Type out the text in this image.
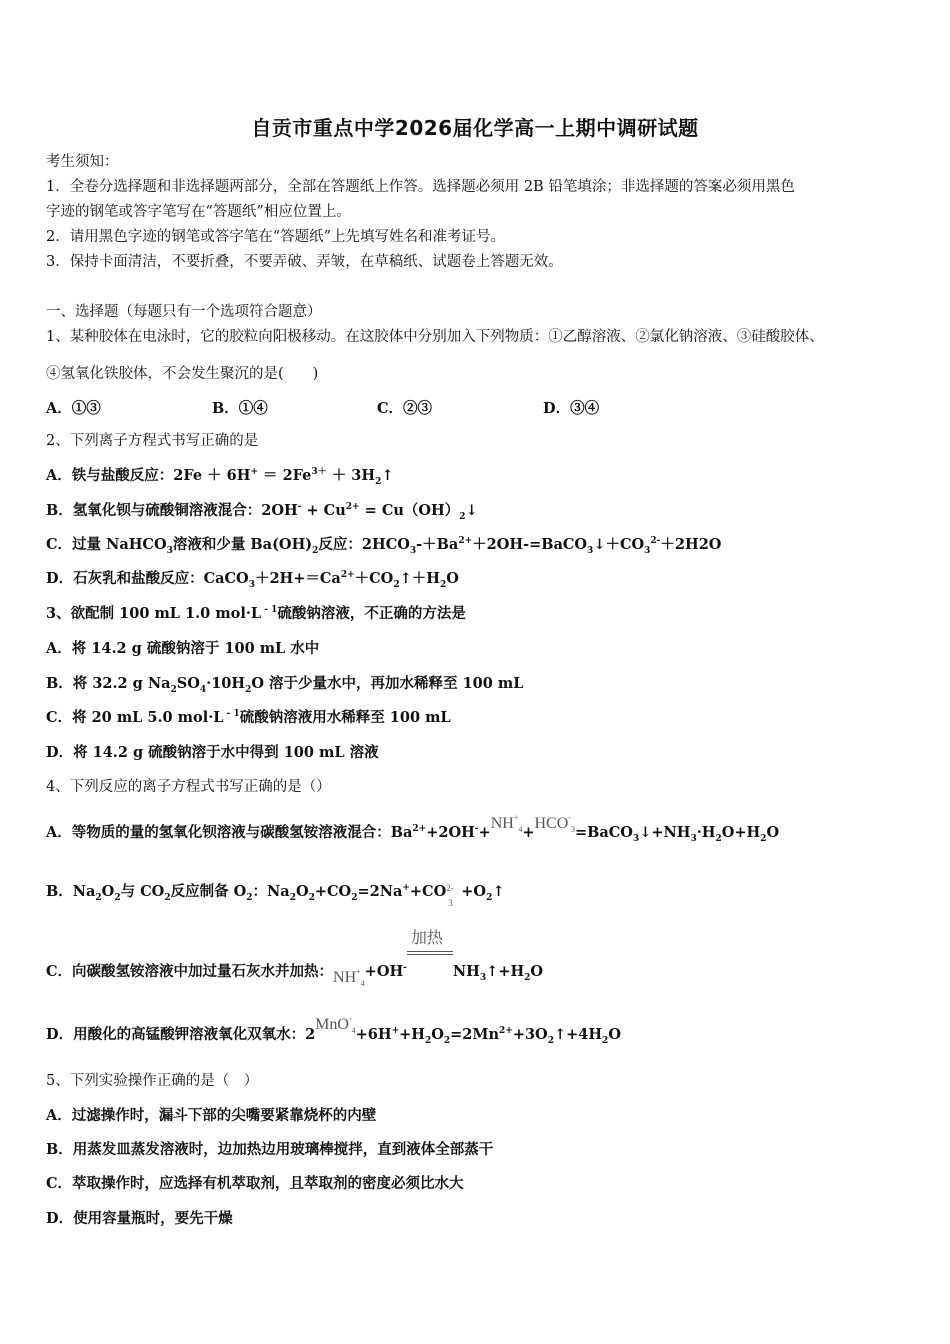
自贡市重点中学2026届化学高一上期中调研试题
考生须知：
1．全卷分选择题和非选择题两部分，全部在答题纸上作答。选择题必须用 2B 铅笔填涂；非选择题的答案必须用黑色
字迹的钢笔或答字笔写在“答题纸”相应位置上。
2．请用黑色字迹的钢笔或答字笔在“答题纸”上先填写姓名和准考证号。
3．保持卡面清洁，不要折叠，不要弄破、弄皱，在草稿纸、试题卷上答题无效。
一、选择题（每题只有一个选项符合题意）
1、某种胶体在电泳时，它的胶粒向阳极移动。在这胶体中分别加入下列物质：①乙醇溶液、②氯化钠溶液、③硅酸胶体、
④氢氧化铁胶体，不会发生聚沉的是(　　)
A．①③	B．①④	C．②③	D．③④
2、下列离子方程式书写正确的是
A．铁与盐酸反应：$2Fe + 6H^+ = 2Fe^{3+}$ ＋ $3H_2↑$
B．氢氧化钡与硫酸铜溶液混合：$2OH^- + Cu^{2+}$ = $Cu(OH)_2↓$
C．过量 NaHCO$_3$溶液和少量 $Ba(OH)_2$反应：$2HCO_3-+Ba^{2+}+2OH-=BaCO_3↓+CO_3^{2-}+2H2O$
D．石灰乳和盐酸反应：$CaCO_3+2H+=Ca^{2+}+CO_2↑+H_2O$
3、欲配制 100 mL 1.0 mol·L $^{- 1}$硫酸钠溶液，不正确的方法是
A．将 14.2 g 硫酸钠溶于 100 mL 水中
B．将 32.2 g $Na_2SO_4\cdot 10H_2O$ 溶于少量水中，再加水稀释至 100 mL
C．将 20 mL 5.0 mol·L $^{- 1}$硫酸钠溶液用水稀释至 100 mL
D．将 14.2 g 硫酸钠溶于水中得到 100 mL 溶液
4、下列反应的离子方程式书写正确的是（）
A．等物质的量的氢氧化钡溶液与碳酸氢铵溶液混合：$Ba^{2+}+2OH^-+NH^+_4+HCO^-_3=BaCO_3↓+NH_3\cdot H_2O+H_2O$
B．$Na_2O_2$与 $CO_2$反应制备 $O_2$：$Na_2O_2+CO_2=2Na^++CO$ 2-
3
$+O_2↑$
C．向碳酸氢铵溶液中加过量石灰水并加热：$NH^+_4+OH^-$
加热
$NH_3↑+H_2O$
D．用酸化的高锰酸钾溶液氧化双氧水：$2MnO^-_4+6H^++H_2O_2=2Mn^{2+}+3O_2↑+4H_2O$
5、下列实验操作正确的是（　）
A．过滤操作时，漏斗下部的尖嘴要紧靠烧杯的内壁
B．用蒸发皿蒸发溶液时，边加热边用玻璃棒搅拌，直到液体全部蒸干
C．萃取操作时，应选择有机萃取剂，且萃取剂的密度必须比水大
D．使用容量瓶时，要先干燥
